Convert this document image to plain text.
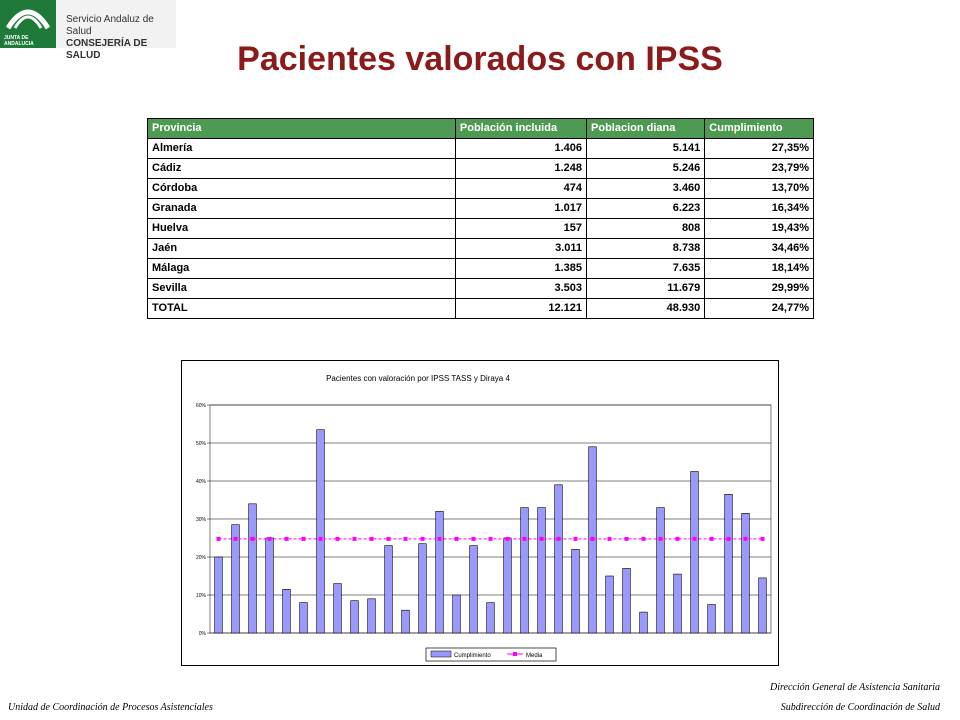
JUNTA DE ANDALUCIA
Servicio Andaluz de Salud
CONSEJERÍA DE SALUD	Pacientes valorados con IPSS
Provincia	Población incluida	Poblacion diana	Cumplimiento
Almería	1.406	5.141	27,35%
Cádiz	1.248	5.246	23,79%
Córdoba	474	3.460	13,70%
Granada	1.017	6.223	16,34%
Huelva	157	808	19,43%
Jaén	3.011	8.738	34,46%
Málaga	1.385	7.635	18,14%
Sevilla	3.503	11.679	29,99%
TOTAL	12.121	48.930	24,77%
Pacientes con valoración por IPSS TASS y Diraya 4
0%
10%
20%
30%
40%
50%
60%
Cumplimiento	Media
Unidad de Coordinación de Procesos Asistenciales
Dirección General de Asistencia Sanitaria
Subdirección de Coordinación de Salud
